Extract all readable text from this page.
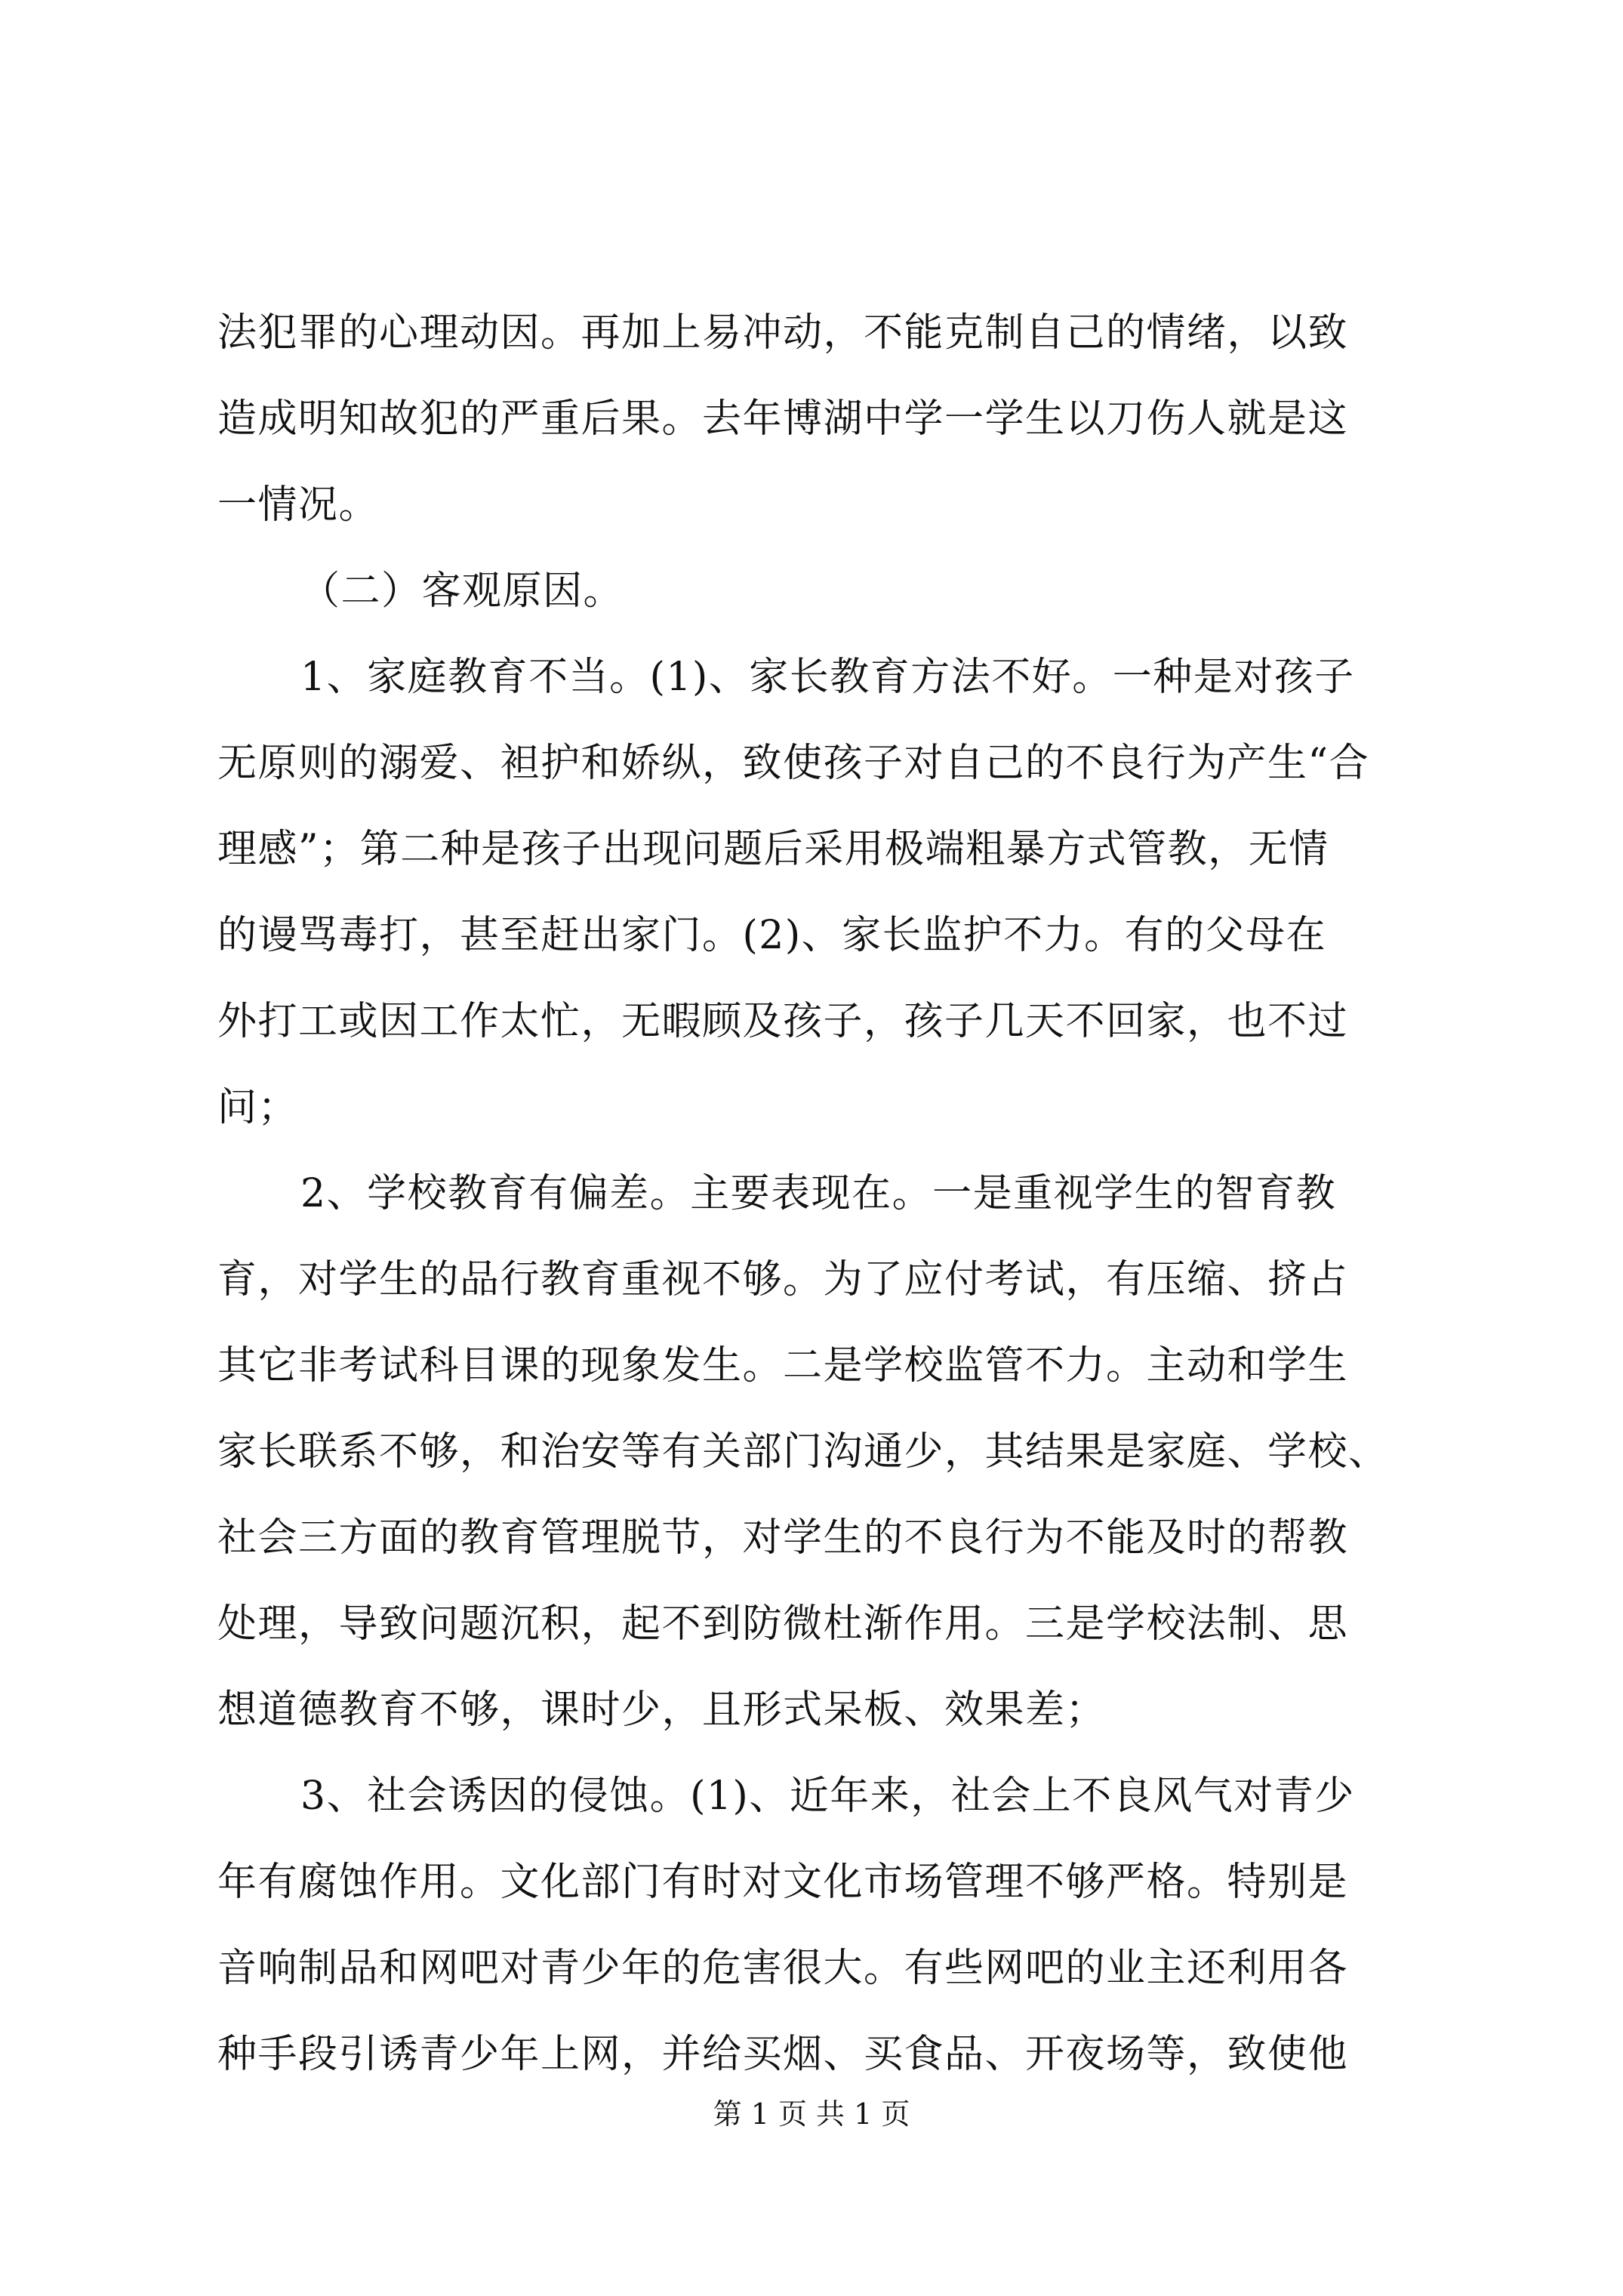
法犯罪的心理动因。再加上易冲动，不能克制自己的情绪，以致

造成明知故犯的严重后果。去年博湖中学一学生以刀伤人就是这

一情况。

（二）客观原因。

1、家庭教育不当。(1)、家长教育方法不好。一种是对孩子

无原则的溺爱、袒护和娇纵，致使孩子对自己的不良行为产生“合

理感”；第二种是孩子出现问题后采用极端粗暴方式管教，无情

的谩骂毒打，甚至赶出家门。(2)、家长监护不力。有的父母在

外打工或因工作太忙，无暇顾及孩子，孩子几天不回家，也不过

问；

2、学校教育有偏差。主要表现在。一是重视学生的智育教

育，对学生的品行教育重视不够。为了应付考试，有压缩、挤占

其它非考试科目课的现象发生。二是学校监管不力。主动和学生

家长联系不够，和治安等有关部门沟通少，其结果是家庭、学校、

社会三方面的教育管理脱节，对学生的不良行为不能及时的帮教

处理，导致问题沉积，起不到防微杜渐作用。三是学校法制、思

想道德教育不够，课时少，且形式呆板、效果差；

3、社会诱因的侵蚀。(1)、近年来，社会上不良风气对青少

年有腐蚀作用。文化部门有时对文化市场管理不够严格。特别是

音响制品和网吧对青少年的危害很大。有些网吧的业主还利用各

种手段引诱青少年上网，并给买烟、买食品、开夜场等，致使他

第 1 页 共 1 页
